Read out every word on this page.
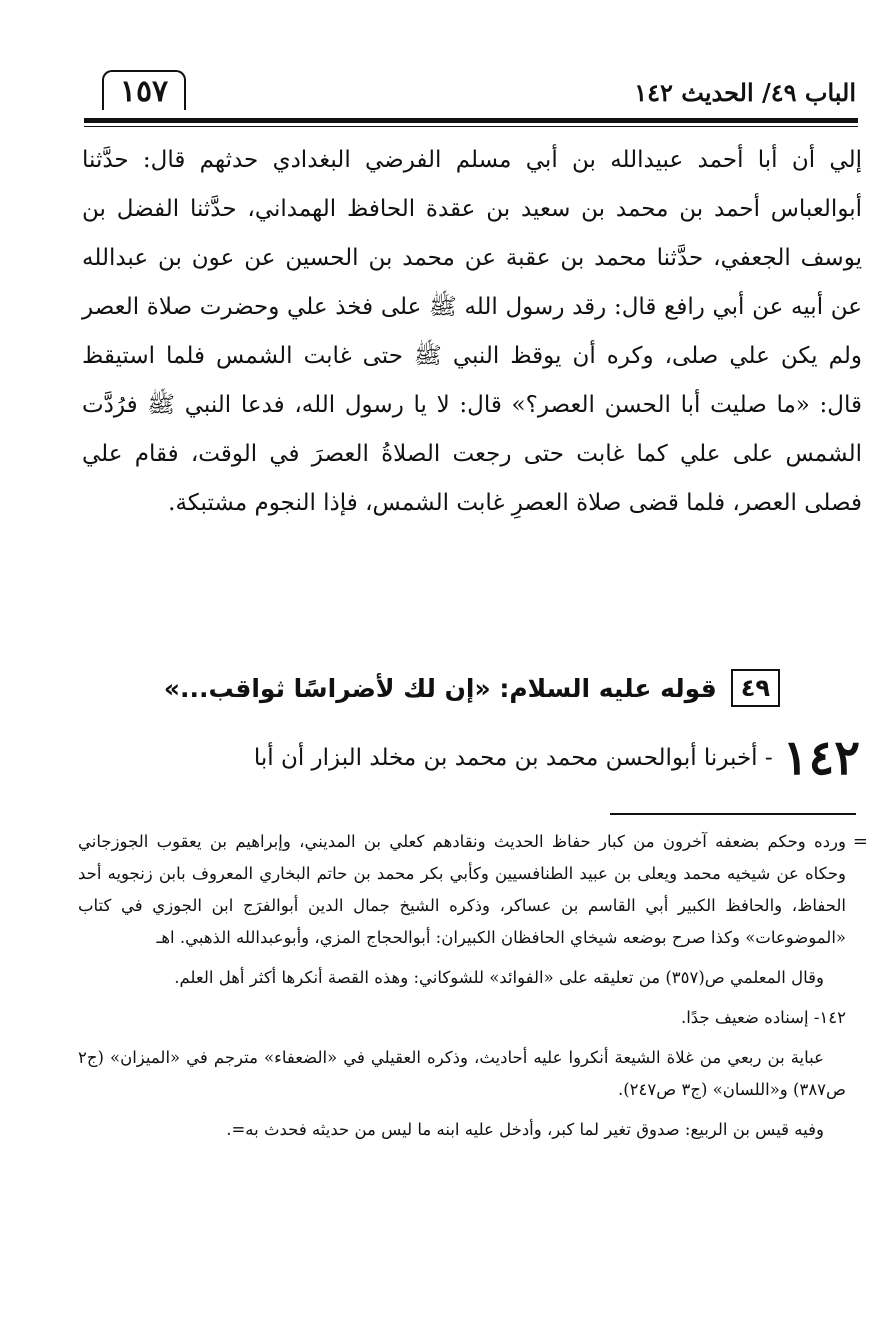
الباب ٤٩/ الحديث ١٤٢
١٥٧

إلي أن أبا أحمد عبيدالله بن أبي مسلم الفرضي البغدادي حدثهم قال: حدَّثنا أبوالعباس أحمد بن محمد بن سعيد بن عقدة الحافظ الهمداني، حدَّثنا الفضل بن يوسف الجعفي، حدَّثنا محمد بن عقبة عن محمد بن الحسين عن عون بن عبدالله عن أبيه عن أبي رافع قال: رقد رسول الله ﷺ على فخذ علي وحضرت صلاة العصر ولم يكن علي صلى، وكره أن يوقظ النبي ﷺ حتى غابت الشمس فلما استيقظ قال: «ما صليت أبا الحسن العصر؟» قال: لا يا رسول الله، فدعا النبي ﷺ فرُدَّت الشمس على علي كما غابت حتى رجعت الصلاةُ العصرَ في الوقت، فقام علي فصلى العصر، فلما قضى صلاة العصرِ غابت الشمس، فإذا النجوم مشتبكة.

٤٩
قوله عليه السلام: «إن لك لأضراسًا ثواقب...»
١٤٢
- أخبرنا أبوالحسن محمد بن محمد بن مخلد البزار أن أبا
=

ورده وحكم بضعفه آخرون من كبار حفاظ الحديث ونقادهم كعلي بن المديني، وإبراهيم بن يعقوب الجوزجاني وحكاه عن شيخيه محمد ويعلى بن عبيد الطنافسيين وكأبي بكر محمد بن حاتم البخاري المعروف بابن زنجويه أحد الحفاظ، والحافظ الكبير أبي القاسم بن عساكر، وذكره الشيخ جمال الدين أبوالفرَج ابن الجوزي في كتاب «الموضوعات» وكذا صرح بوضعه شيخاي الحافظان الكبيران: أبوالحجاج المزي، وأبوعبدالله الذهبي. اهـ

وقال المعلمي ص(٣٥٧) من تعليقه على «الفوائد» للشوكاني: وهذه القصة أنكرها أكثر أهل العلم.

١٤٢- إسناده ضعيف جدًا.

عباية بن ربعي من غلاة الشيعة أنكروا عليه أحاديث، وذكره العقيلي في «الضعفاء» مترجم في «الميزان» (ج٢ ص٣٨٧) و«اللسان» (ج٣ ص٢٤٧).

وفيه قيس بن الربيع: صدوق تغير لما كبر، وأدخل عليه ابنه ما ليس من حديثه فحدث به=.
